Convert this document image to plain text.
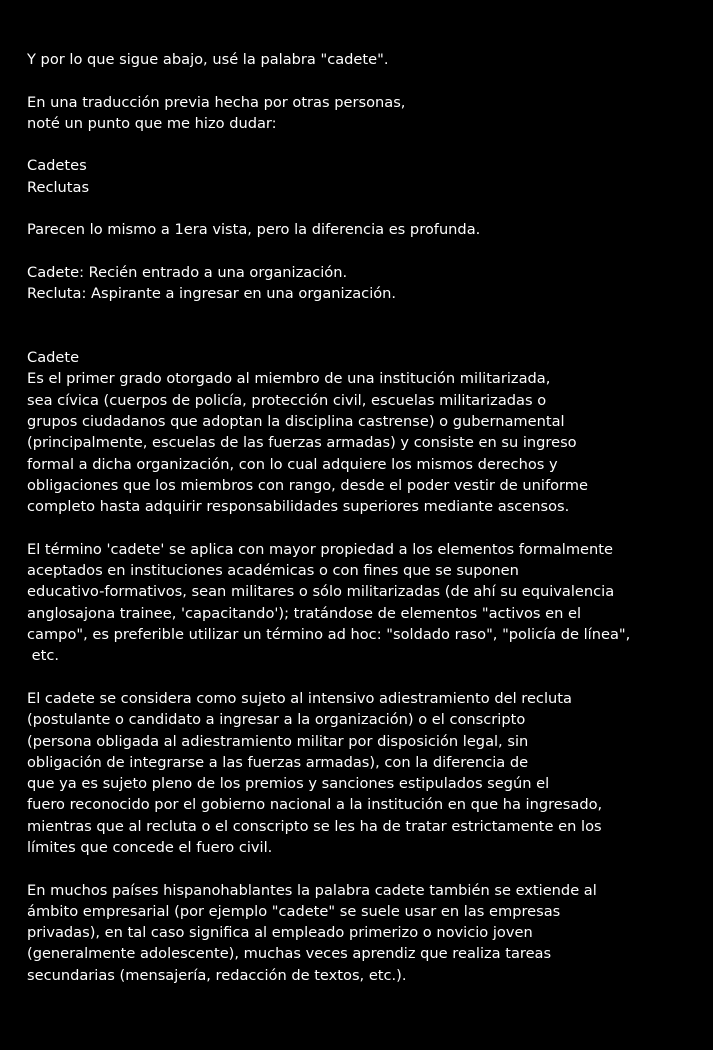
Y por lo que sigue abajo, usé la palabra "cadete".
En una traducción previa hecha por otras personas,
noté un punto que me hizo dudar:
Cadetes
Reclutas
Parecen lo mismo a 1era vista, pero la diferencia es profunda.
Cadete: Recién entrado a una organización.
Recluta: Aspirante a ingresar en una organización.
Cadete
Es el primer grado otorgado al miembro de una institución militarizada,
sea cívica (cuerpos de policía, protección civil, escuelas militarizadas o
grupos ciudadanos que adoptan la disciplina castrense) o gubernamental
(principalmente, escuelas de las fuerzas armadas) y consiste en su ingreso
formal a dicha organización, con lo cual adquiere los mismos derechos y
obligaciones que los miembros con rango, desde el poder vestir de uniforme
completo hasta adquirir responsabilidades superiores mediante ascensos.
El término 'cadete' se aplica con mayor propiedad a los elementos formalmente
aceptados en instituciones académicas o con fines que se suponen
educativo-formativos, sean militares o sólo militarizadas (de ahí su equivalencia
anglosajona trainee, 'capacitando'); tratándose de elementos "activos en el
campo", es preferible utilizar un término ad hoc: "soldado raso", "policía de línea",
etc.
El cadete se considera como sujeto al intensivo adiestramiento del recluta
(postulante o candidato a ingresar a la organización) o el conscripto
(persona obligada al adiestramiento militar por disposición legal, sin
obligación de integrarse a las fuerzas armadas), con la diferencia de
que ya es sujeto pleno de los premios y sanciones estipulados según el
fuero reconocido por el gobierno nacional a la institución en que ha ingresado,
mientras que al recluta o el conscripto se les ha de tratar estrictamente en los
límites que concede el fuero civil.
En muchos países hispanohablantes la palabra cadete también se extiende al
ámbito empresarial (por ejemplo "cadete" se suele usar en las empresas
privadas), en tal caso significa al empleado primerizo o novicio joven
(generalmente adolescente), muchas veces aprendiz que realiza tareas
secundarias (mensajería, redacción de textos, etc.).
